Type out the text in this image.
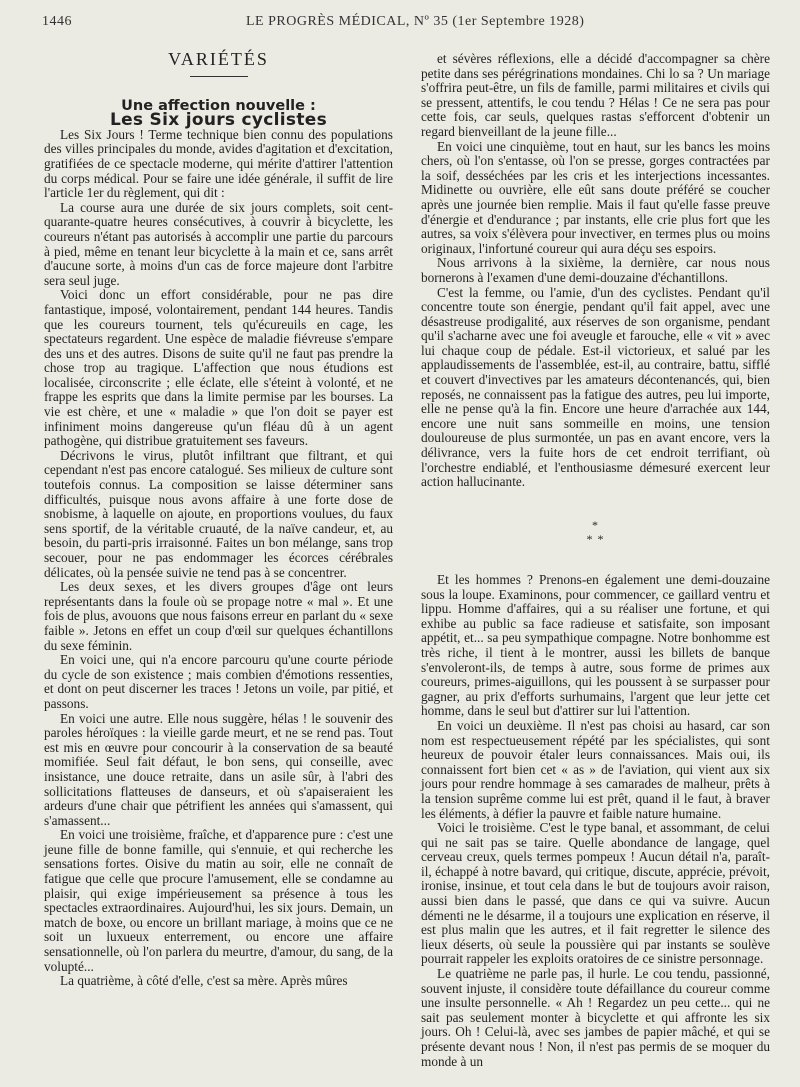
1446	LE PROGRÈS MÉDICAL, Nº 35 (1er Septembre 1928)

VARIÉTÉS

Une affection nouvelle :

Les Six jours cyclistes

Les Six Jours ! Terme technique bien connu des populations des villes principales du monde, avides d'agitation et d'excitation, gratifiées de ce spectacle moderne, qui mérite d'attirer l'attention du corps médical. Pour se faire une idée générale, il suffit de lire l'article 1er du règlement, qui dit :

La course aura une durée de six jours complets, soit cent-quarante-quatre heures consécutives, à couvrir à bicyclette, les coureurs n'étant pas autorisés à accomplir une partie du parcours à pied, même en tenant leur bicyclette à la main et ce, sans arrêt d'aucune sorte, à moins d'un cas de force majeure dont l'arbitre sera seul juge.

Voici donc un effort considérable, pour ne pas dire fantastique, imposé, volontairement, pendant 144 heures. Tandis que les coureurs tournent, tels qu'écureuils en cage, les spectateurs regardent. Une espèce de maladie fiévreuse s'empare des uns et des autres. Disons de suite qu'il ne faut pas prendre la chose trop au tragique. L'affection que nous étudions est localisée, circonscrite ; elle éclate, elle s'éteint à volonté, et ne frappe les esprits que dans la limite permise par les bourses. La vie est chère, et une « maladie » que l'on doit se payer est infiniment moins dangereuse qu'un fléau dû à un agent pathogène, qui distribue gratuitement ses faveurs.

Décrivons le virus, plutôt infiltrant que filtrant, et qui cependant n'est pas encore catalogué. Ses milieux de culture sont toutefois connus. La composition se laisse déterminer sans difficultés, puisque nous avons affaire à une forte dose de snobisme, à laquelle on ajoute, en proportions voulues, du faux sens sportif, de la véritable cruauté, de la naïve candeur, et, au besoin, du parti-pris irraisonné. Faites un bon mélange, sans trop secouer, pour ne pas endommager les écorces cérébrales délicates, où la pensée suivie ne tend pas à se concentrer.

Les deux sexes, et les divers groupes d'âge ont leurs représentants dans la foule où se propage notre « mal ». Et une fois de plus, avouons que nous faisons erreur en parlant du « sexe faible ». Jetons en effet un coup d'œil sur quelques échantillons du sexe féminin.

En voici une, qui n'a encore parcouru qu'une courte période du cycle de son existence ; mais combien d'émotions ressenties, et dont on peut discerner les traces ! Jetons un voile, par pitié, et passons.

En voici une autre. Elle nous suggère, hélas ! le souvenir des paroles héroïques : la vieille garde meurt, et ne se rend pas. Tout est mis en œuvre pour concourir à la conservation de sa beauté momifiée. Seul fait défaut, le bon sens, qui conseille, avec insistance, une douce retraite, dans un asile sûr, à l'abri des sollicitations flatteuses de danseurs, et où s'apaiseraient les ardeurs d'une chair que pétrifient les années qui s'amassent, qui s'amassent...

En voici une troisième, fraîche, et d'apparence pure : c'est une jeune fille de bonne famille, qui s'ennuie, et qui recherche les sensations fortes. Oisive du matin au soir, elle ne connaît de fatigue que celle que procure l'amusement, elle se condamne au plaisir, qui exige impérieusement sa présence à tous les spectacles extraordinaires. Aujourd'hui, les six jours. Demain, un match de boxe, ou encore un brillant mariage, à moins que ce ne soit un luxueux enterrement, ou encore une affaire sensationnelle, où l'on parlera du meurtre, d'amour, du sang, de la volupté...

La quatrième, à côté d'elle, c'est sa mère. Après mûres

et sévères réflexions, elle a décidé d'accompagner sa chère petite dans ses pérégrinations mondaines. Chi lo sa ? Un mariage s'offrira peut-être, un fils de famille, parmi militaires et civils qui se pressent, attentifs, le cou tendu ? Hélas ! Ce ne sera pas pour cette fois, car seuls, quelques rastas s'efforcent d'obtenir un regard bienveillant de la jeune fille...

En voici une cinquième, tout en haut, sur les bancs les moins chers, où l'on s'entasse, où l'on se presse, gorges contractées par la soif, desséchées par les cris et les interjections incessantes. Midinette ou ouvrière, elle eût sans doute préféré se coucher après une journée bien remplie. Mais il faut qu'elle fasse preuve d'énergie et d'endurance ; par instants, elle crie plus fort que les autres, sa voix s'élèvera pour invectiver, en termes plus ou moins originaux, l'infortuné coureur qui aura déçu ses espoirs.

Nous arrivons à la sixième, la dernière, car nous nous bornerons à l'examen d'une demi-douzaine d'échantillons.

C'est la femme, ou l'amie, d'un des cyclistes. Pendant qu'il concentre toute son énergie, pendant qu'il fait appel, avec une désastreuse prodigalité, aux réserves de son organisme, pendant qu'il s'acharne avec une foi aveugle et farouche, elle « vit » avec lui chaque coup de pédale. Est-il victorieux, et salué par les applaudissements de l'assemblée, est-il, au contraire, battu, sifflé et couvert d'invectives par les amateurs décontenancés, qui, bien reposés, ne connaissent pas la fatigue des autres, peu lui importe, elle ne pense qu'à la fin. Encore une heure d'arrachée aux 144, encore une nuit sans sommeille en moins, une tension douloureuse de plus surmontée, un pas en avant encore, vers la délivrance, vers la fuite hors de cet endroit terrifiant, où l'orchestre endiablé, et l'enthousiasme démesuré exercent leur action hallucinante.

*
* *

Et les hommes ? Prenons-en également une demi-douzaine sous la loupe. Examinons, pour commencer, ce gaillard ventru et lippu. Homme d'affaires, qui a su réaliser une fortune, et qui exhibe au public sa face radieuse et satisfaite, son imposant appétit, et... sa peu sympathique compagne. Notre bonhomme est très riche, il tient à le montrer, aussi les billets de banque s'envoleront-ils, de temps à autre, sous forme de primes aux coureurs, primes-aiguillons, qui les poussent à se surpasser pour gagner, au prix d'efforts surhumains, l'argent que leur jette cet homme, dans le seul but d'attirer sur lui l'attention.

En voici un deuxième. Il n'est pas choisi au hasard, car son nom est respectueusement répété par les spécialistes, qui sont heureux de pouvoir étaler leurs connaissances. Mais oui, ils connaissent fort bien cet « as » de l'aviation, qui vient aux six jours pour rendre hommage à ses camarades de malheur, prêts à la tension suprême comme lui est prêt, quand il le faut, à braver les éléments, à défier la pauvre et faible nature humaine.

Voici le troisième. C'est le type banal, et assommant, de celui qui ne sait pas se taire. Quelle abondance de langage, quel cerveau creux, quels termes pompeux ! Aucun détail n'a, paraît-il, échappé à notre bavard, qui critique, discute, apprécie, prévoit, ironise, insinue, et tout cela dans le but de toujours avoir raison, aussi bien dans le passé, que dans ce qui va suivre. Aucun démenti ne le désarme, il a toujours une explication en réserve, il est plus malin que les autres, et il fait regretter le silence des lieux déserts, où seule la poussière qui par instants se soulève pourrait rappeler les exploits oratoires de ce sinistre personnage.

Le quatrième ne parle pas, il hurle. Le cou tendu, passionné, souvent injuste, il considère toute défaillance du coureur comme une insulte personnelle. « Ah ! Regardez un peu cette... qui ne sait pas seulement monter à bicyclette et qui affronte les six jours. Oh ! Celui-là, avec ses jambes de papier mâché, et qui se présente devant nous ! Non, il n'est pas permis de se moquer du monde à un
